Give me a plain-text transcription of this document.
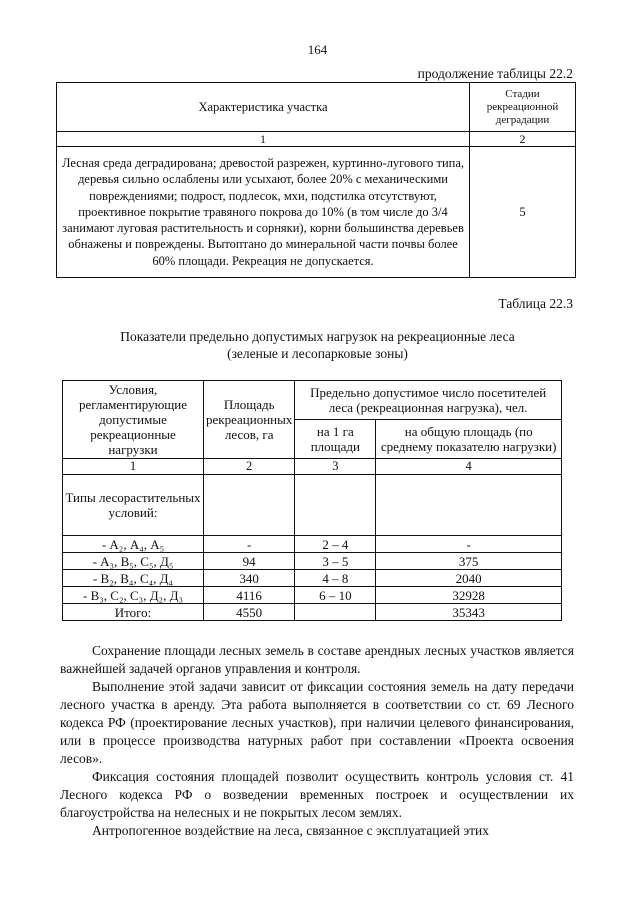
164
продолжение таблицы 22.2
Характеристика участка	Стадии рекреационной деградации
1	2
Лесная среда деградирована; древостой разрежен, куртинно-лугового типа, деревья сильно ослаблены или усыхают, более 20% с механическими повреждениями; подрост, подлесок, мхи, подстилка отсутствуют, проективное покрытие травяного покрова до 10% (в том числе до 3/4 занимают луговая растительность и сорняки), корни большинства деревьев обнажены и повреждены. Вытоптано до минеральной части почвы более 60% площади. Рекреация не допускается.	5
Таблица 22.3
Показатели предельно допустимых нагрузок на рекреационные леса
(зеленые и лесопарковые зоны)
Условия, регламентирующие допустимые рекреационные нагрузки	Площадь рекреационных лесов, га	Предельно допустимое число посетителей леса (рекреационная нагрузка), чел.	
		на 1 га площади	на общую площадь (по среднему показателю нагрузки)
1	2	3	4
Типы лесорастительных условий:			
- А₂, А₄, А₅	-	2 – 4	-
- А₃, В₅, С₅, Д₅	94	3 – 5	375
- В₂, В₄, С₄, Д₄	340	4 – 8	2040
- В₃, С₂, С₃, Д₂, Д₃	4116	6 – 10	32928
Итого:	4550		35343

Сохранение площади лесных земель в составе арендных лесных участков является важнейшей задачей органов управления и контроля.

Выполнение этой задачи зависит от фиксации состояния земель на дату передачи лесного участка в аренду. Эта работа выполняется в соответствии со ст. 69 Лесного кодекса РФ (проектирование лесных участков), при наличии целевого финансирования, или в процессе производства натурных работ при составлении «Проекта освоения лесов».

Фиксация состояния площадей позволит осуществить контроль условия ст. 41 Лесного кодекса РФ о возведении временных построек и осуществлении их благоустройства на нелесных и не покрытых лесом землях.

Антропогенное воздействие на леса, связанное с эксплуатацией этих
